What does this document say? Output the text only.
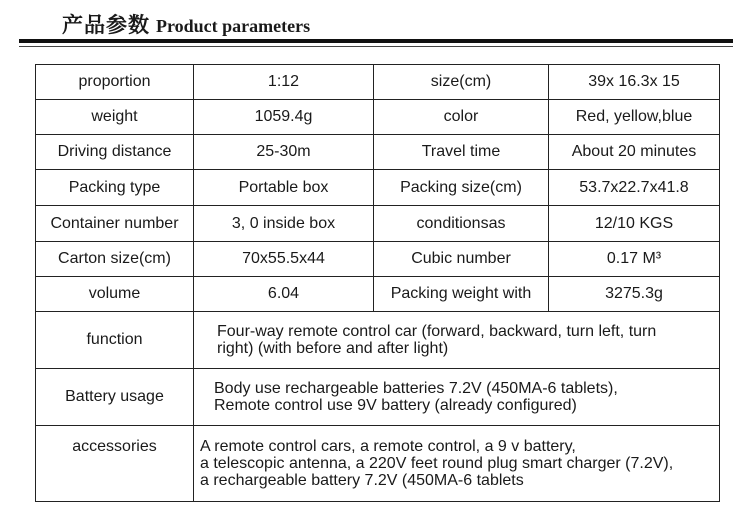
产品参数 Product parameters
proportion	1:12	size(cm)	39x 16.3x 15
weight	1059.4g	color	Red, yellow,blue
Driving distance	25-30m	Travel time	About 20 minutes
Packing type	Portable box	Packing size(cm)	53.7x22.7x41.8
Container number	3, 0 inside box	conditionsas	12/10 KGS
Carton size(cm)	70x55.5x44	Cubic number	0.17 M³
volume	6.04	Packing weight with	3275.3g
function	Four-way remote control car (forward, backward, turn left, turn
right) (with before and after light)		

Battery usage	Body use rechargeable batteries 7.2V (450MA-6 tablets),
Remote control use 9V battery (already configured)		

accessories	A remote control cars, a remote control, a 9 v battery,
a telescopic antenna, a 220V feet round plug smart charger (7.2V),
a rechargeable battery 7.2V (450MA-6 tablets		
